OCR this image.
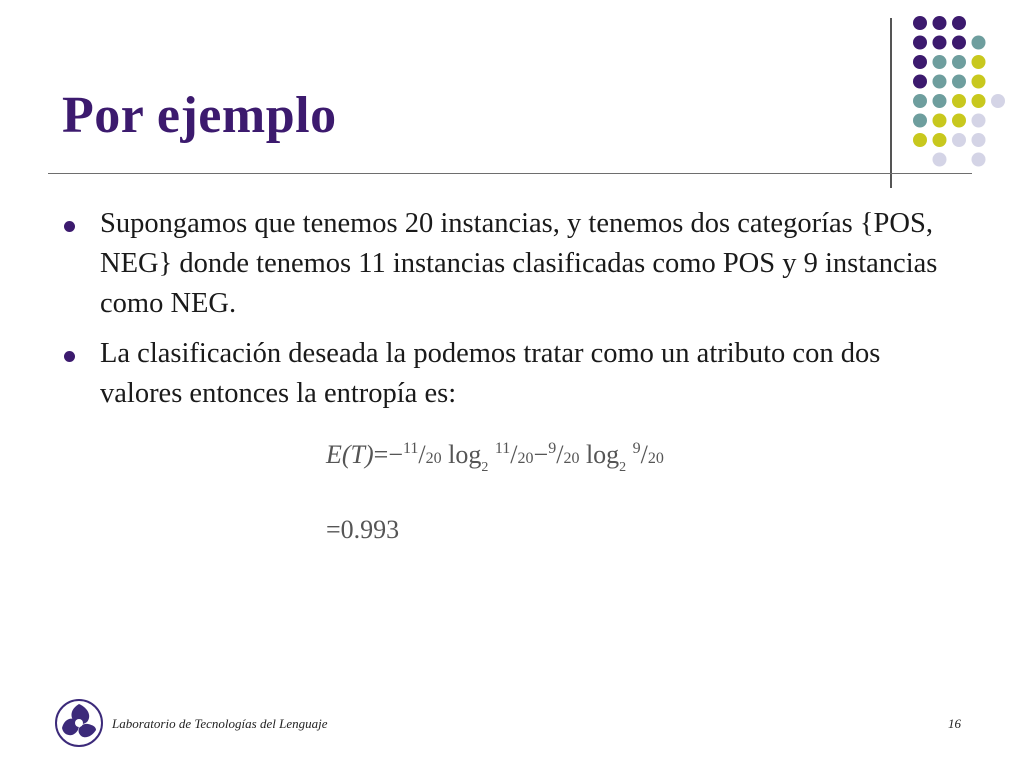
Por ejemplo
Supongamos que tenemos 20 instancias, y tenemos dos categorías {POS, NEG} donde tenemos 11 instancias clasificadas como POS y 9 instancias como NEG.
La clasificación deseada la podemos tratar como un atributo con dos valores entonces la entropía es:
E(T)=−$^{11}$/20 $\log_2 ^{11}/20-^9/20$ $\log_2 ^9/20$
=0.993
Laboratorio de Tecnologías del Lenguaje	16
